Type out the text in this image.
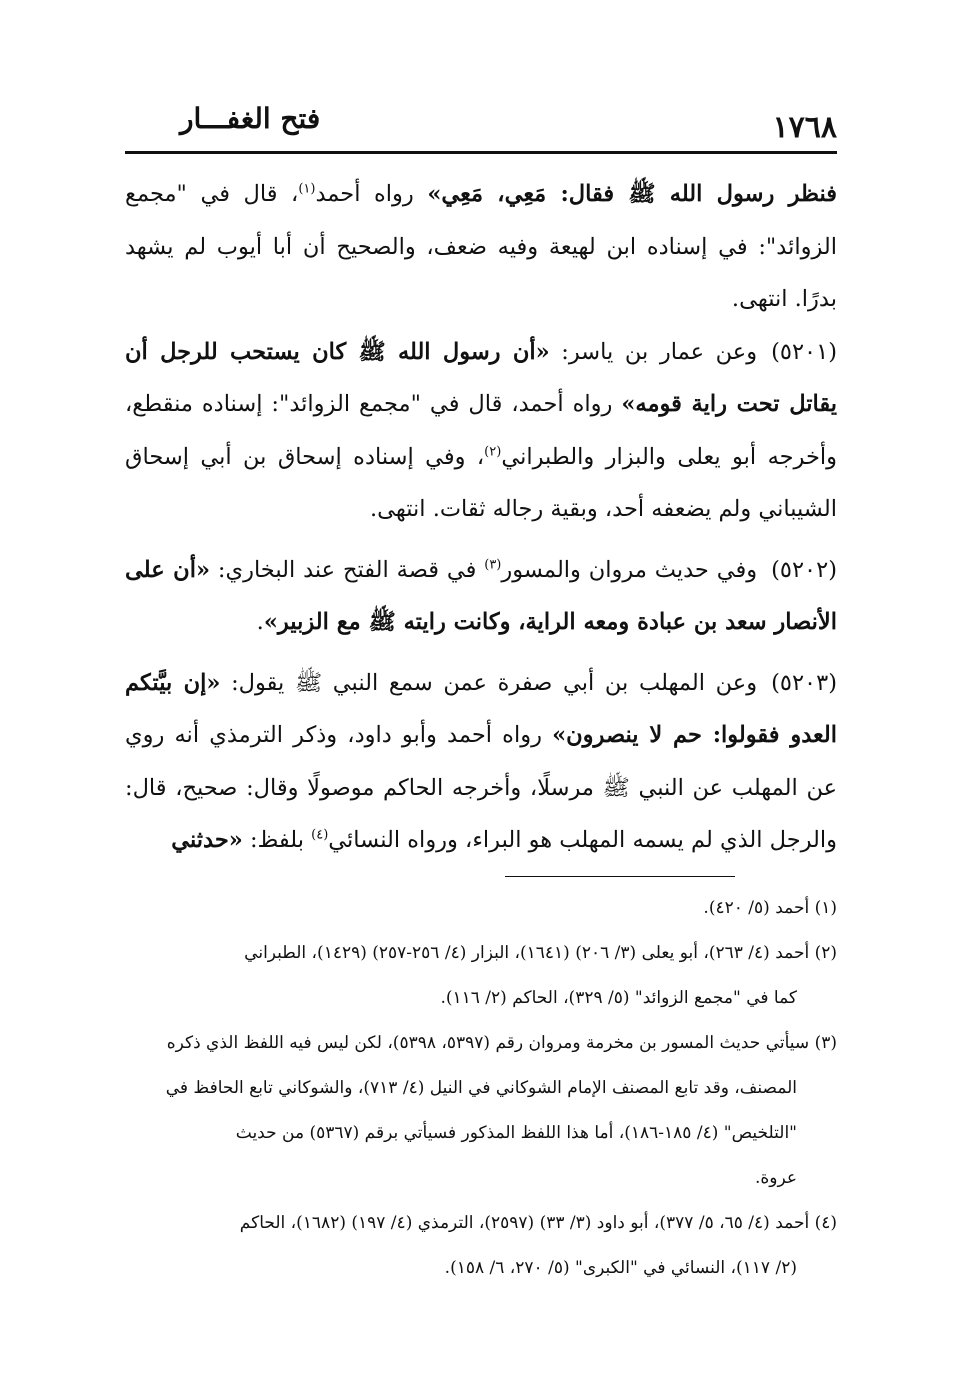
١٧٦٨
فتح الغفـــار

فنظر رسول الله ﷺ فقال: مَعِي، مَعِي» رواه أحمد$^{(١)}$، قال في "مجمع الزوائد": في إسناده ابن لهيعة وفيه ضعف، والصحيح أن أبا أيوب لم يشهد بدرًا. انتهى.

(٥٢٠١)وعن عمار بن ياسر: «أن رسول الله ﷺ كان يستحب للرجل أن يقاتل تحت راية قومه» رواه أحمد، قال في "مجمع الزوائد": إسناده منقطع، وأخرجه أبو يعلى والبزار والطبراني$^{(٢)}$، وفي إسناده إسحاق بن أبي إسحاق الشيباني ولم يضعفه أحد، وبقية رجاله ثقات. انتهى.

(٥٢٠٢)وفي حديث مروان والمسور$^{(٣)}$ في قصة الفتح عند البخاري: «أن على الأنصار سعد بن عبادة ومعه الراية، وكانت رايته ﷺ مع الزبير».

(٥٢٠٣)وعن المهلب بن أبي صفرة عمن سمع النبي ﷺ يقول: «إن بيَّتكم العدو فقولوا: حم لا ينصرون» رواه أحمد وأبو داود، وذكر الترمذي أنه روي عن المهلب عن النبي ﷺ مرسلًا، وأخرجه الحاكم موصولًا وقال: صحيح، قال: والرجل الذي لم يسمه المهلب هو البراء، ورواه النسائي$^{(٤)}$ بلفظ: «حدثني

(١) أحمد (٥/ ٤٢٠).

(٢) أحمد (٤/ ٢٦٣)، أبو يعلى (٣/ ٢٠٦) (١٦٤١)، البزار (٤/ ٢٥٦-٢٥٧) (١٤٢٩)، الطبراني

كما في "مجمع الزوائد" (٥/ ٣٢٩)، الحاكم (٢/ ١١٦).

(٣) سيأتي حديث المسور بن مخرمة ومروان رقم (٥٣٩٧، ٥٣٩٨)، لكن ليس فيه اللفظ الذي ذكره

المصنف، وقد تابع المصنف الإمام الشوكاني في النيل (٤/ ٧١٣)، والشوكاني تابع الحافظ في

"التلخيص" (٤/ ١٨٥-١٨٦)، أما هذا اللفظ المذكور فسيأتي برقم (٥٣٦٧) من حديث

عروة.

(٤) أحمد (٤/ ٦٥، ٥/ ٣٧٧)، أبو داود (٣/ ٣٣) (٢٥٩٧)، الترمذي (٤/ ١٩٧) (١٦٨٢)، الحاكم

(٢/ ١١٧)، النسائي في "الكبرى" (٥/ ٢٧٠، ٦/ ١٥٨).
